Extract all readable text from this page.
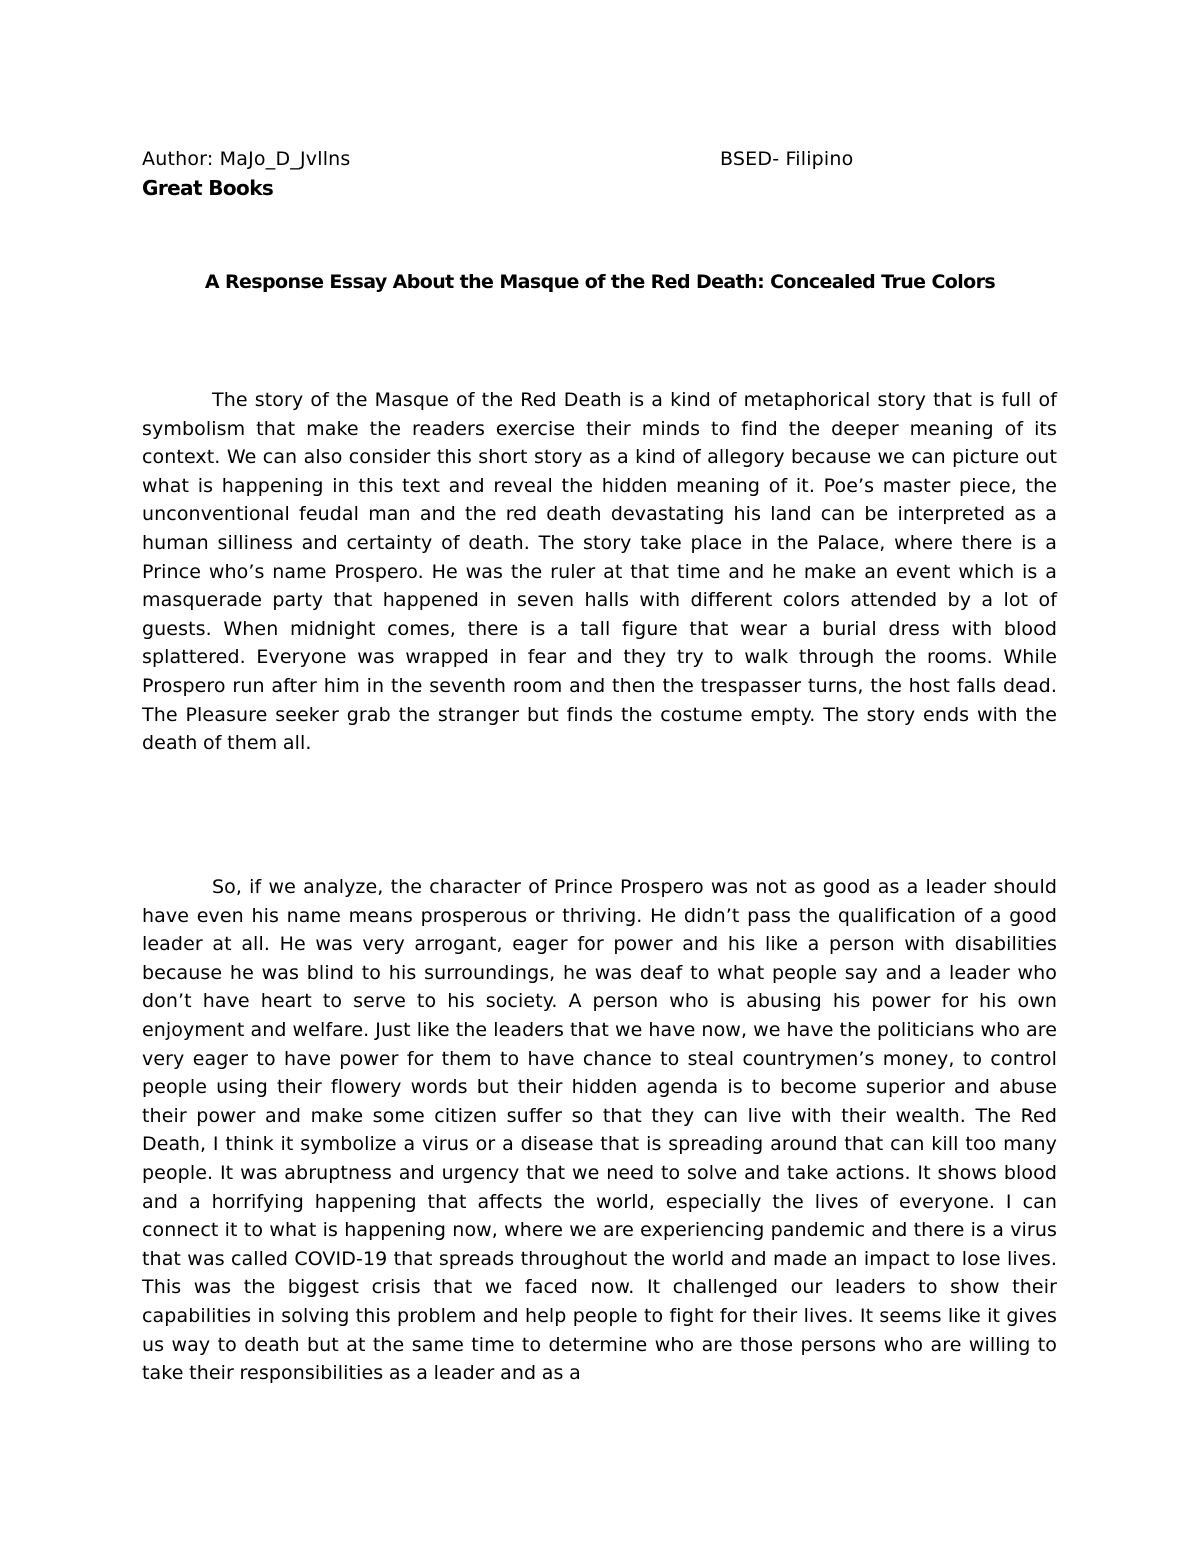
Author: MaJo_D_Jvllns	BSED- Filipino
Great Books
A Response Essay About the Masque of the Red Death: Concealed True Colors

The story of the Masque of the Red Death is a kind of metaphorical story that is full of symbolism that make the readers exercise their minds to find the deeper meaning of its context. We can also consider this short story as a kind of allegory because we can picture out what is happening in this text and reveal the hidden meaning of it. Poe’s master piece, the unconventional feudal man and the red death devastating his land can be interpreted as a human silliness and certainty of death. The story take place in the Palace, where there is a Prince who’s name Prospero. He was the ruler at that time and he make an event which is a masquerade party that happened in seven halls with different colors attended by a lot of guests. When midnight comes, there is a tall figure that wear a burial dress with blood splattered. Everyone was wrapped in fear and they try to walk through the rooms. While Prospero run after him in the seventh room and then the trespasser turns, the host falls dead. The Pleasure seeker grab the stranger but finds the costume empty. The story ends with the death of them all.

So, if we analyze, the character of Prince Prospero was not as good as a leader should have even his name means prosperous or thriving. He didn’t pass the qualification of a good leader at all. He was very arrogant, eager for power and his like a person with disabilities because he was blind to his surroundings, he was deaf to what people say and a leader who don’t have heart to serve to his society. A person who is abusing his power for his own enjoyment and welfare. Just like the leaders that we have now, we have the politicians who are very eager to have power for them to have chance to steal countrymen’s money, to control people using their flowery words but their hidden agenda is to become superior and abuse their power and make some citizen suffer so that they can live with their wealth. The Red Death, I think it symbolize a virus or a disease that is spreading around that can kill too many people. It was abruptness and urgency that we need to solve and take actions. It shows blood and a horrifying happening that affects the world, especially the lives of everyone. I can connect it to what is happening now, where we are experiencing pandemic and there is a virus that was called COVID-19 that spreads throughout the world and made an impact to lose lives. This was the biggest crisis that we faced now. It challenged our leaders to show their capabilities in solving this problem and help people to fight for their lives. It seems like it gives us way to death but at the same time to determine who are those persons who are willing to take their responsibilities as a leader and as a
